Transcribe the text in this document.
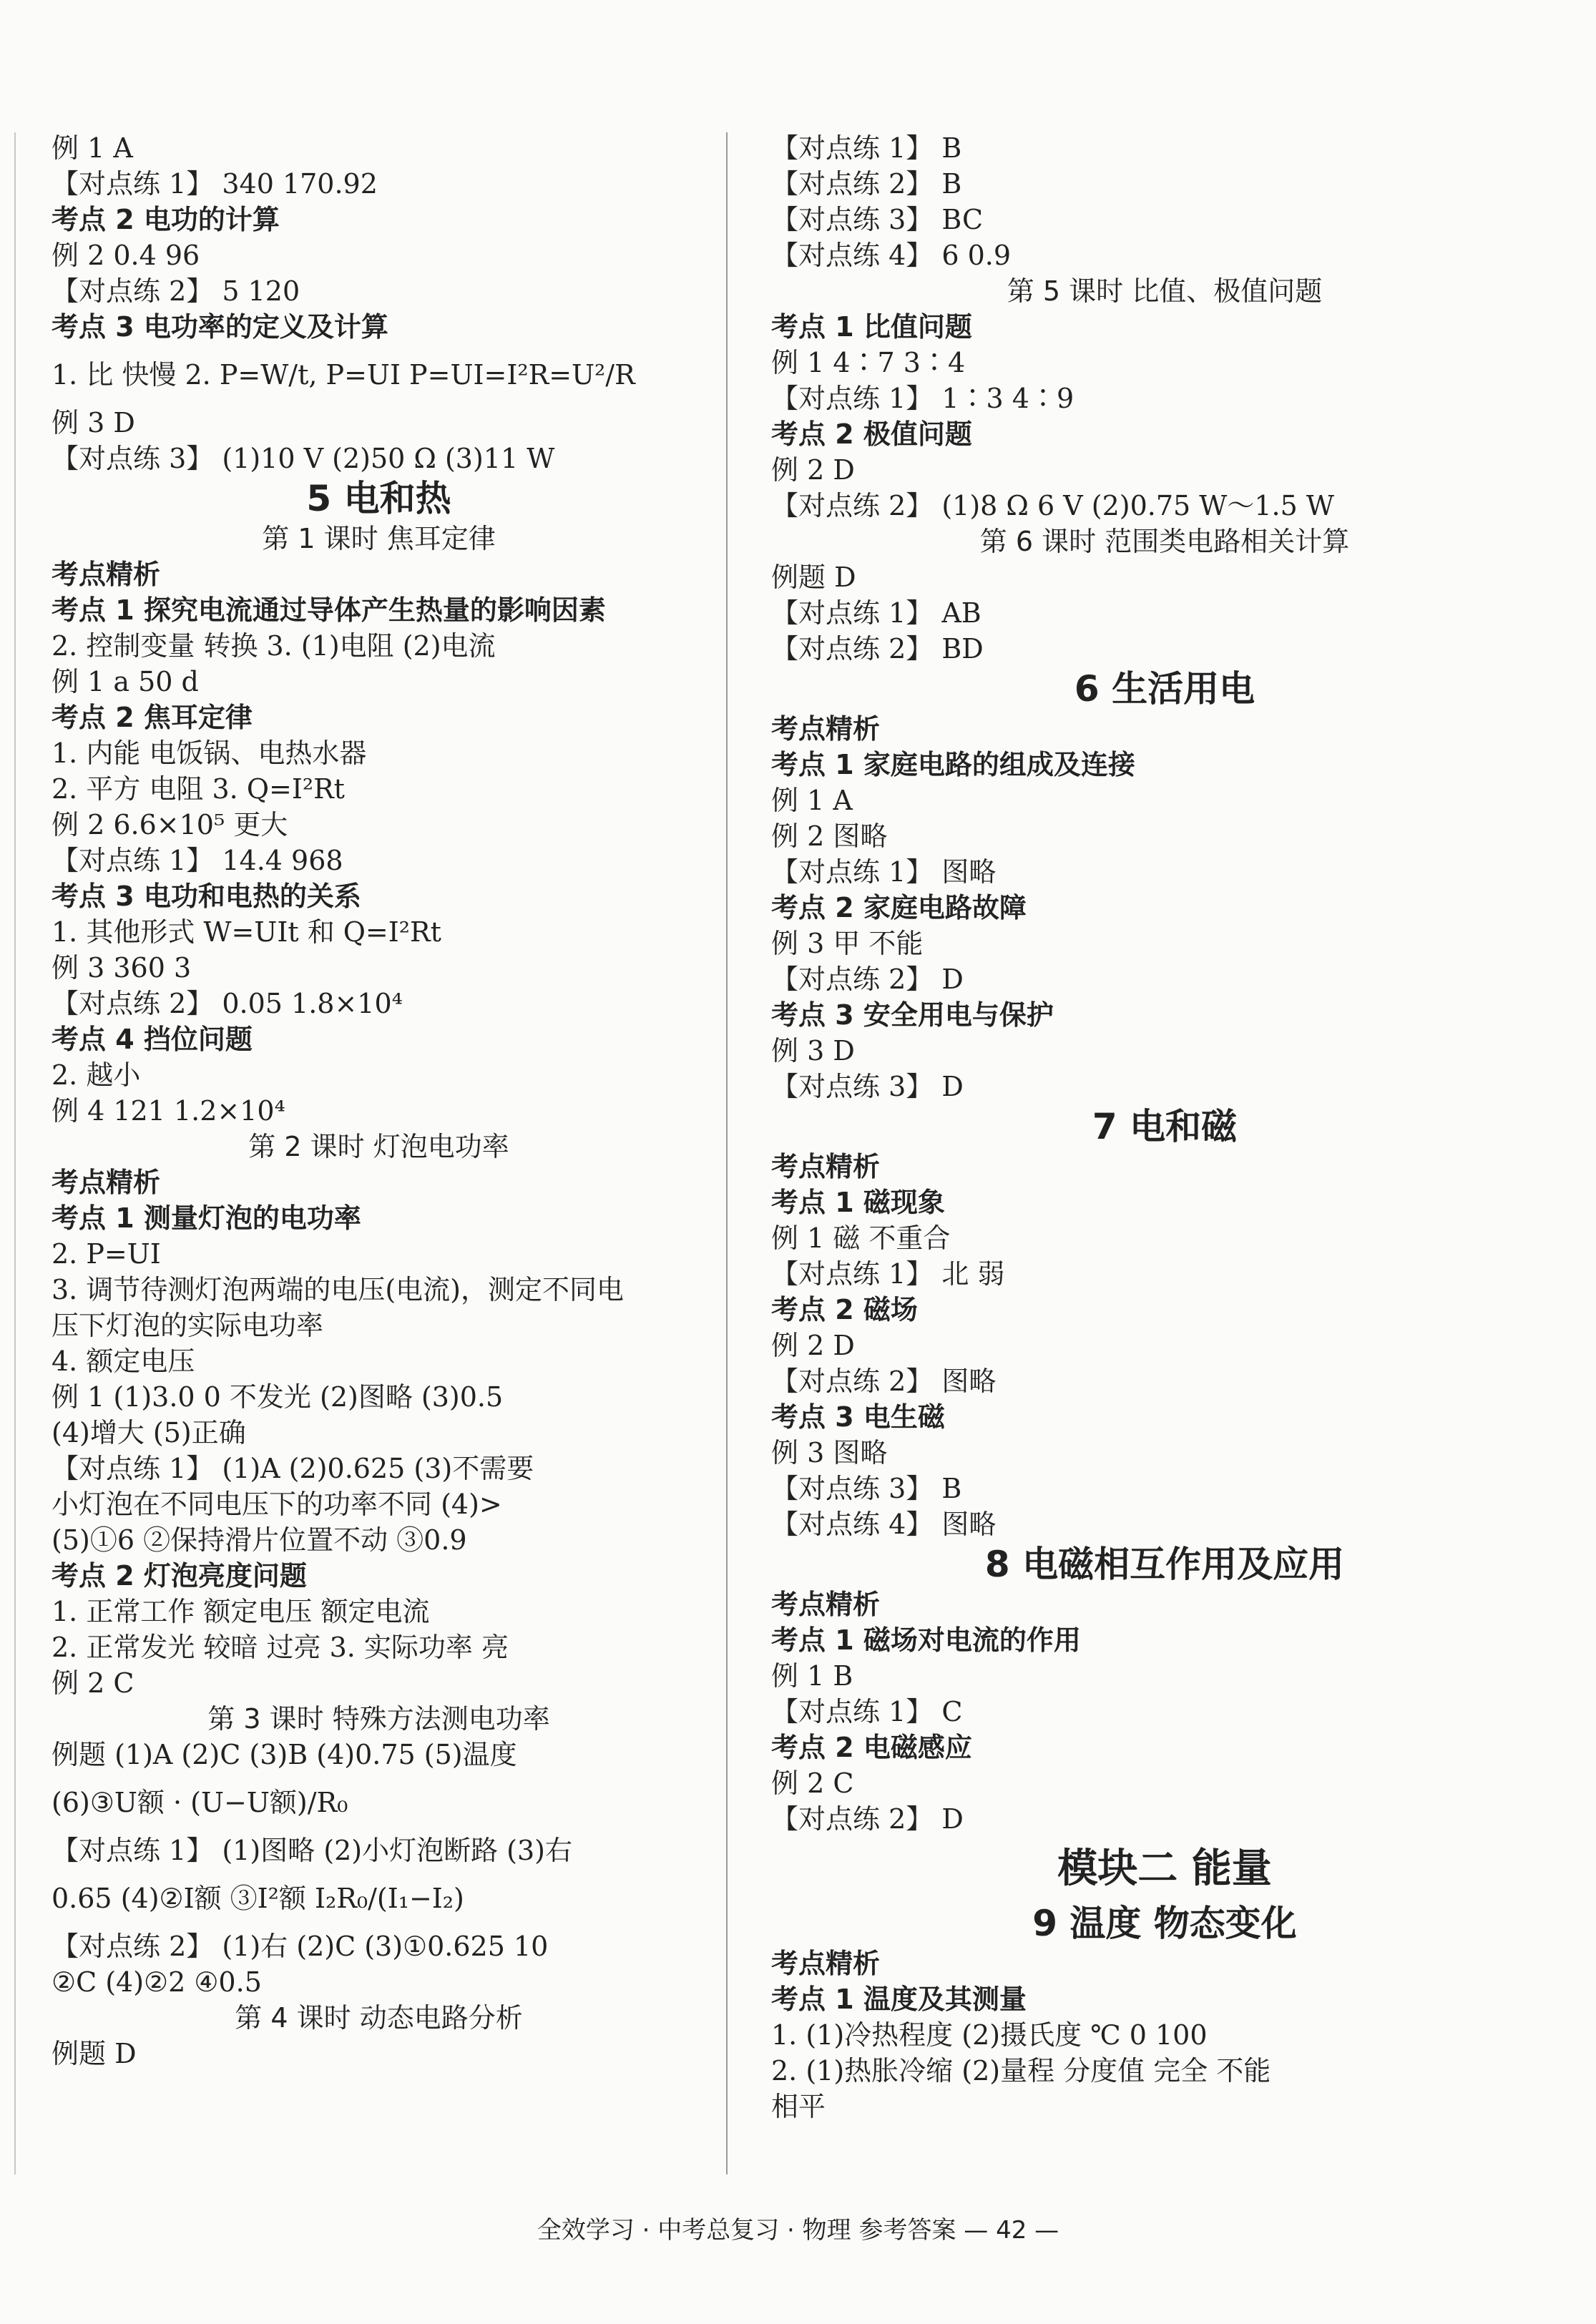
例 1 A
【对点练 1】 340 170.92
考点 2 电功的计算
例 2 0.4 96
【对点练 2】 5 120
考点 3 电功率的定义及计算
1. 比 快慢 2. P=W/t, P=UI P=UI=I²R=U²/R
例 3 D
【对点练 3】 (1)10 V (2)50 Ω (3)11 W
5 电和热
第 1 课时 焦耳定律
考点精析
考点 1 探究电流通过导体产生热量的影响因素
2. 控制变量 转换 3. (1)电阻 (2)电流
例 1 a 50 d
考点 2 焦耳定律
1. 内能 电饭锅、电热水器
2. 平方 电阻 3. Q=I²Rt
例 2 6.6×10⁵ 更大
【对点练 1】 14.4 968
考点 3 电功和电热的关系
1. 其他形式 W=UIt 和 Q=I²Rt
例 3 360 3
【对点练 2】 0.05 1.8×10⁴
考点 4 挡位问题
2. 越小
例 4 121 1.2×10⁴
第 2 课时 灯泡电功率
考点精析
考点 1 测量灯泡的电功率
2. P=UI
3. 调节待测灯泡两端的电压(电流)，测定不同电
压下灯泡的实际电功率
4. 额定电压
例 1 (1)3.0 0 不发光 (2)图略 (3)0.5
(4)增大 (5)正确
【对点练 1】 (1)A (2)0.625 (3)不需要
小灯泡在不同电压下的功率不同 (4)>
(5)①6 ②保持滑片位置不动 ③0.9
考点 2 灯泡亮度问题
1. 正常工作 额定电压 额定电流
2. 正常发光 较暗 过亮 3. 实际功率 亮
例 2 C
第 3 课时 特殊方法测电功率
例题 (1)A (2)C (3)B (4)0.75 (5)温度
(6)③U额 · (U−U额)/R₀
【对点练 1】 (1)图略 (2)小灯泡断路 (3)右
0.65 (4)②I额 ③I²额 I₂R₀/(I₁−I₂)
【对点练 2】 (1)右 (2)C (3)①0.625 10
②C (4)②2 ④0.5
第 4 课时 动态电路分析
例题 D
【对点练 1】 B
【对点练 2】 B
【对点练 3】 BC
【对点练 4】 6 0.9
第 5 课时 比值、极值问题
考点 1 比值问题
例 1 4∶7 3∶4
【对点练 1】 1∶3 4∶9
考点 2 极值问题
例 2 D
【对点练 2】 (1)8 Ω 6 V (2)0.75 W～1.5 W
第 6 课时 范围类电路相关计算
例题 D
【对点练 1】 AB
【对点练 2】 BD
6 生活用电
考点精析
考点 1 家庭电路的组成及连接
例 1 A
例 2 图略
【对点练 1】 图略
考点 2 家庭电路故障
例 3 甲 不能
【对点练 2】 D
考点 3 安全用电与保护
例 3 D
【对点练 3】 D
7 电和磁
考点精析
考点 1 磁现象
例 1 磁 不重合
【对点练 1】 北 弱
考点 2 磁场
例 2 D
【对点练 2】 图略
考点 3 电生磁
例 3 图略
【对点练 3】 B
【对点练 4】 图略
8 电磁相互作用及应用
考点精析
考点 1 磁场对电流的作用
例 1 B
【对点练 1】 C
考点 2 电磁感应
例 2 C
【对点练 2】 D
模块二 能量
9 温度 物态变化
考点精析
考点 1 温度及其测量
1. (1)冷热程度 (2)摄氏度 ℃ 0 100
2. (1)热胀冷缩 (2)量程 分度值 完全 不能
相平
全效学习 · 中考总复习 · 物理 参考答案 — 42 —
